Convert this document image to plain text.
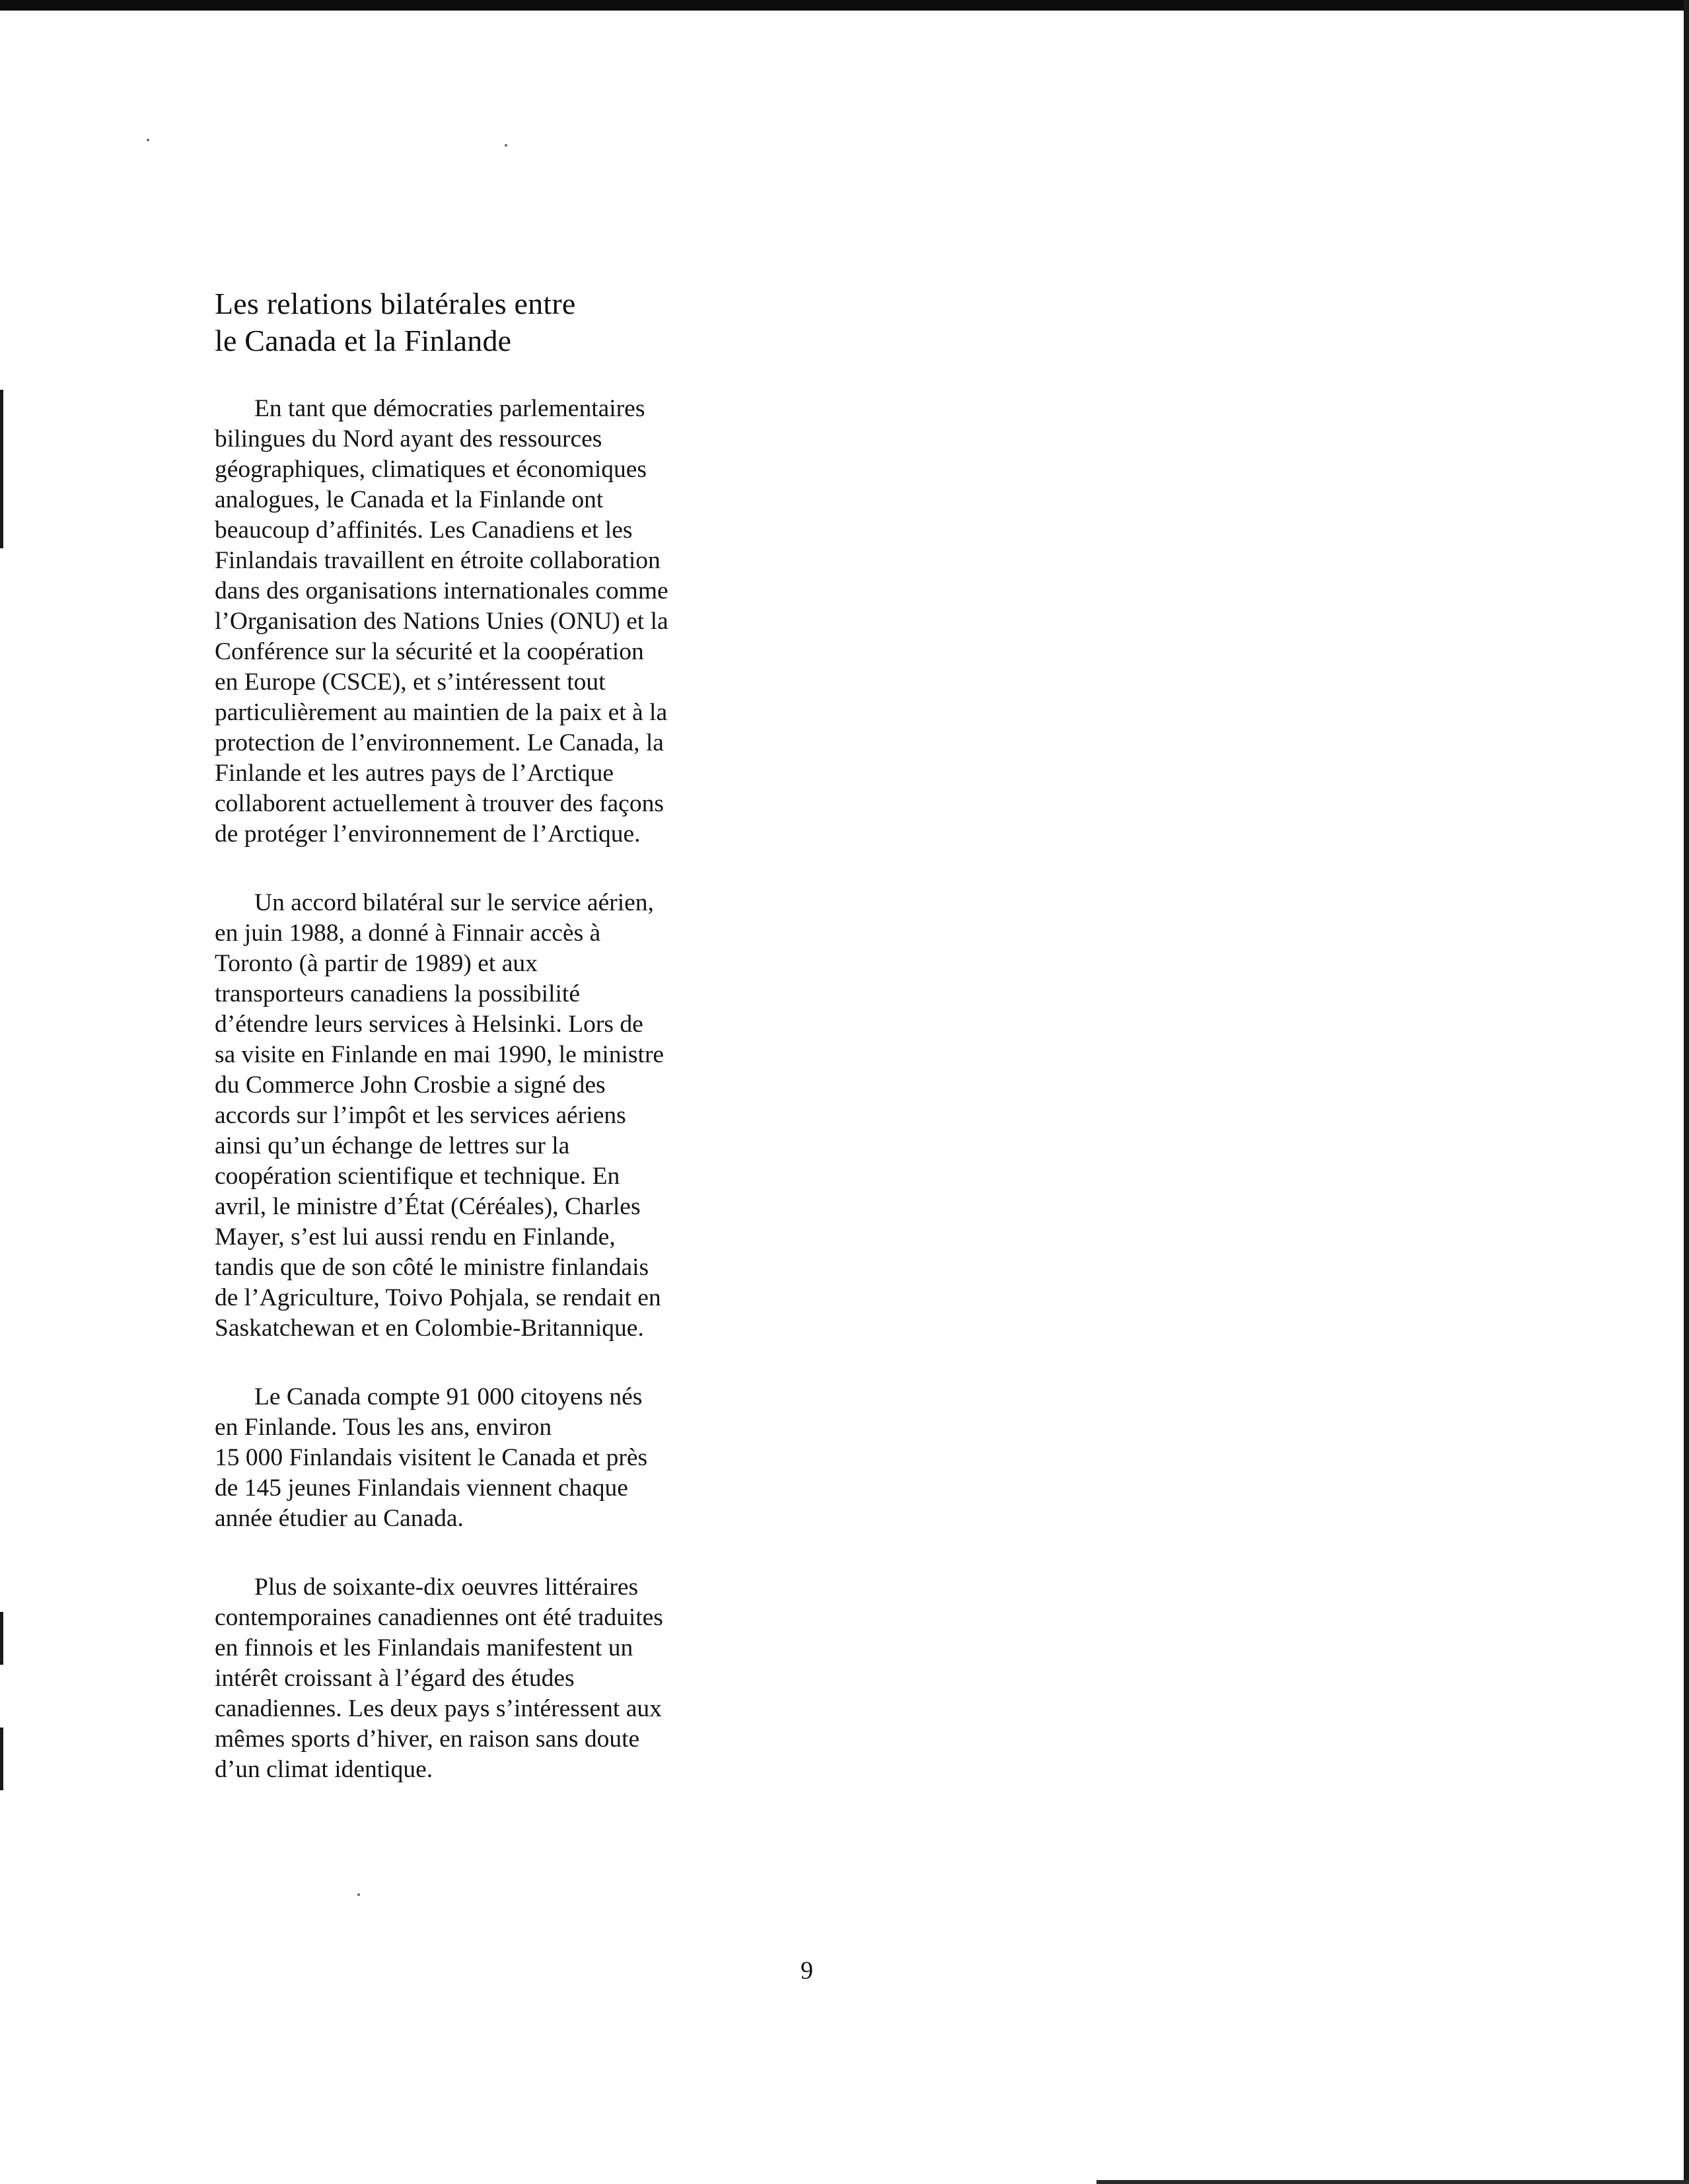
Les relations bilatérales entre
le Canada et la Finlande

En tant que démocraties parlementaires
bilingues du Nord ayant des ressources
géographiques, climatiques et économiques
analogues, le Canada et la Finlande ont
beaucoup d’affinités. Les Canadiens et les
Finlandais travaillent en étroite collaboration
dans des organisations internationales comme
l’Organisation des Nations Unies (ONU) et la
Conférence sur la sécurité et la coopération
en Europe (CSCE), et s’intéressent tout
particulièrement au maintien de la paix et à la
protection de l’environnement. Le Canada, la
Finlande et les autres pays de l’Arctique
collaborent actuellement à trouver des façons
de protéger l’environnement de l’Arctique.

Un accord bilatéral sur le service aérien,
en juin 1988, a donné à Finnair accès à
Toronto (à partir de 1989) et aux
transporteurs canadiens la possibilité
d’étendre leurs services à Helsinki. Lors de
sa visite en Finlande en mai 1990, le ministre
du Commerce John Crosbie a signé des
accords sur l’impôt et les services aériens
ainsi qu’un échange de lettres sur la
coopération scientifique et technique. En
avril, le ministre d’État (Céréales), Charles
Mayer, s’est lui aussi rendu en Finlande,
tandis que de son côté le ministre finlandais
de l’Agriculture, Toivo Pohjala, se rendait en
Saskatchewan et en Colombie-Britannique.

Le Canada compte 91 000 citoyens nés
en Finlande. Tous les ans, environ
15 000 Finlandais visitent le Canada et près
de 145 jeunes Finlandais viennent chaque
année étudier au Canada.

Plus de soixante-dix oeuvres littéraires
contemporaines canadiennes ont été traduites
en finnois et les Finlandais manifestent un
intérêt croissant à l’égard des études
canadiennes. Les deux pays s’intéressent aux
mêmes sports d’hiver, en raison sans doute
d’un climat identique.

9
